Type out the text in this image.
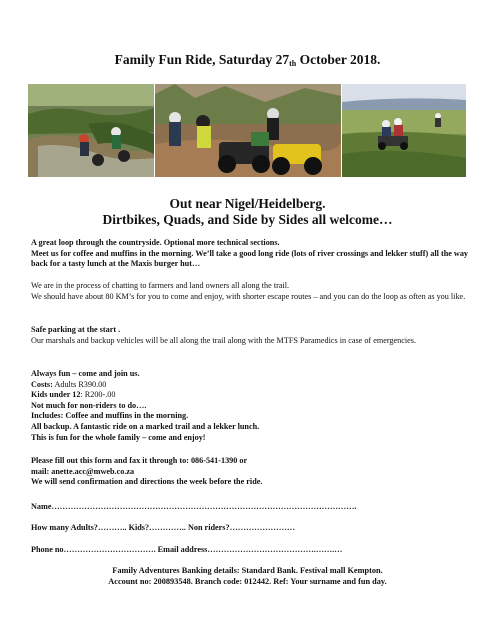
Family Fun Ride, Saturday $27_{th}$ October 2018.
Out near Nigel/Heidelberg.
Dirtbikes, Quads, and Side by Sides all welcome…

A great loop through the countryside. Optional more technical sections.

Meet us for coffee and muffins in the morning. We’ll take a good long ride (lots of river crossings and lekker stuff) all the way back for a tasty lunch at the Maxis burger hut…

We are in the process of chatting to farmers and land owners all along the trail.

We should have about 80 KM’s for you to come and enjoy, with shorter escape routes – and you can do the loop as often as you like.

Safe parking at the start .

Our marshals and backup vehicles will be all along the trail along with the MTFS Paramedics in case of emergencies.

Always fun – come and join us.

Costs: Adults R390.00

Kids under 12: R200-.00

Not much for non-riders to do….

Includes: Coffee and muffins in the morning.

All backup. A fantastic ride on a marked trail and a lekker lunch.

This is fun for the whole family – come and enjoy!

Please fill out this form and fax it through to: 086-541-1390 or

mail: anette.acc@mweb.co.za

We will send confirmation and directions the week before the ride.

Name………………………………………………………………………………………………….
How many Adults?……….. Kids?………….. Non riders?……………………
Phone no……………………………. Email address………………………………….…….…
Family Adventures Banking details: Standard Bank. Festival mall Kempton.
Account no: 200893548. Branch code: 012442. Ref: Your surname and fun day.
